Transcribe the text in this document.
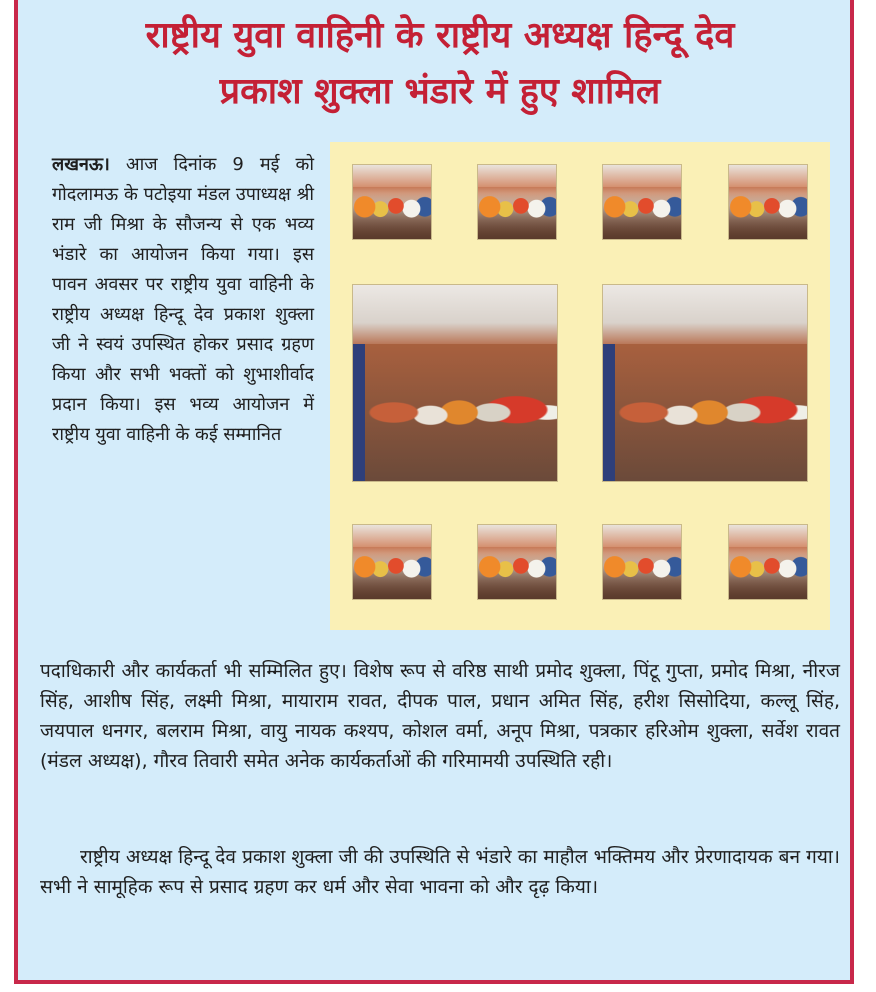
राष्ट्रीय युवा वाहिनी के राष्ट्रीय अध्यक्ष हिन्दू देव
प्रकाश शुक्ला भंडारे में हुए शामिल

लखनऊ। आज दिनांक 9 मई को गोदलामऊ के पटोइया मंडल उपाध्यक्ष श्री राम जी मिश्रा के सौजन्य से एक भव्य भंडारे का आयोजन किया गया। इस पावन अवसर पर राष्ट्रीय युवा वाहिनी के राष्ट्रीय अध्यक्ष हिन्दू देव प्रकाश शुक्ला जी ने स्वयं उपस्थित होकर प्रसाद ग्रहण किया और सभी भक्तों को शुभाशीर्वाद प्रदान किया। इस भव्य आयोजन में राष्ट्रीय युवा वाहिनी के कई सम्मानित

पदाधिकारी और कार्यकर्ता भी सम्मिलित हुए। विशेष रूप से वरिष्ठ साथी प्रमोद शुक्ला, पिंटू गुप्ता, प्रमोद मिश्रा, नीरज सिंह, आशीष सिंह, लक्ष्मी मिश्रा, मायाराम रावत, दीपक पाल, प्रधान अमित सिंह, हरीश सिसोदिया, कल्लू सिंह, जयपाल धनगर, बलराम मिश्रा, वायु नायक कश्यप, कोशल वर्मा, अनूप मिश्रा, पत्रकार हरिओम शुक्ला, सर्वेश रावत (मंडल अध्यक्ष), गौरव तिवारी समेत अनेक कार्यकर्ताओं की गरिमामयी उपस्थिति रही।

राष्ट्रीय अध्यक्ष हिन्दू देव प्रकाश शुक्ला जी की उपस्थिति से भंडारे का माहौल भक्तिमय और प्रेरणादायक बन गया। सभी ने सामूहिक रूप से प्रसाद ग्रहण कर धर्म और सेवा भावना को और दृढ़ किया।
